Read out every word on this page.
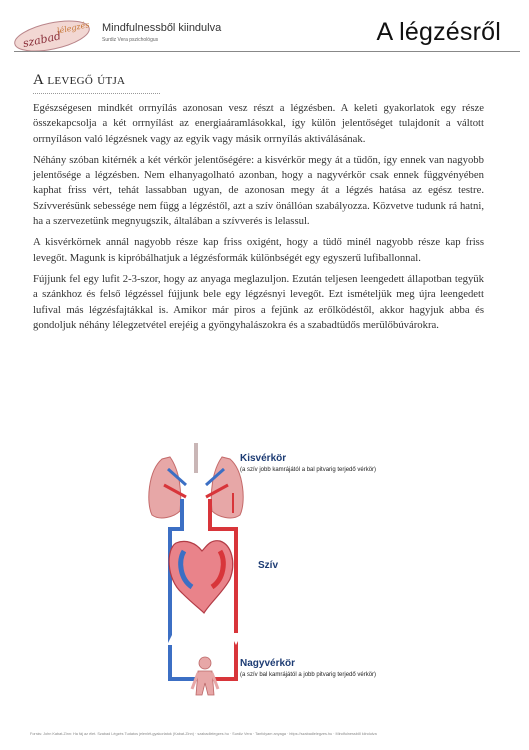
szabad
lélegzés Mindfulnessből kiindulva
Surdiz Vera pszichológus	A légzésről
A levegő útja

Egészségesen mindkét orrnyílás azonosan vesz részt a légzésben. A keleti gyakorlatok egy része összekapcsolja a két orrnyílást az energiaáramlásokkal, így külön jelentőséget tulajdonít a váltott orrnyíláson való légzésnek vagy az egyik vagy másik orrnyílás aktiválásának.

Néhány szóban kitérnék a két vérkör jelentőségére: a kisvérkör megy át a tüdőn, így ennek van nagyobb jelentősége a légzésben. Nem elhanyagolható azonban, hogy a nagyvérkör csak ennek függvényében kaphat friss vért, tehát lassabban ugyan, de azonosan megy át a légzés hatása az egész testre. Szívverésünk sebessége nem függ a légzéstől, azt a szív önállóan szabályozza. Közvetve tudunk rá hatni, ha a szervezetünk megnyugszik, általában a szívverés is lelassul.

A kisvérkörnek annál nagyobb része kap friss oxigént, hogy a tüdő minél nagyobb része kap friss levegőt. Magunk is kipróbálhatjuk a légzésformák különbségét egy egyszerű lufiballonnal.

Fújjunk fel egy lufit 2-3-szor, hogy az anyaga meglazuljon. Ezután teljesen leengedett állapotban tegyük a szánkhoz és felső légzéssel fújjunk bele egy légzésnyi levegőt. Ezt ismételjük meg újra leengedett lufival más légzésfajtákkal is. Amikor már piros a fejünk az erőlködéstől, akkor hagyjuk abba és gondoljuk néhány lélegzetvétel erejéig a gyöngyhalászokra és a szabadtüdős merülőbúvárokra.

Kisvérkör
(a szív jobb kamrájától a bal pitvarig terjedő vérkör)
Szív
Nagyvérkör
(a szív bal kamrájától a jobb pitvarig terjedő vérkör)
Forrás: John Kabat-Zinn: Ha fáj az élet. Szabad Légzés Tudatos jelenlét-gyakorlatok (Kabat-Zinn) · szabadlelegzes.hu · Surdiz Vera · Tanfolyam anyaga · https://szabadlelegzes.hu · Mindfulnessből kiindulva
